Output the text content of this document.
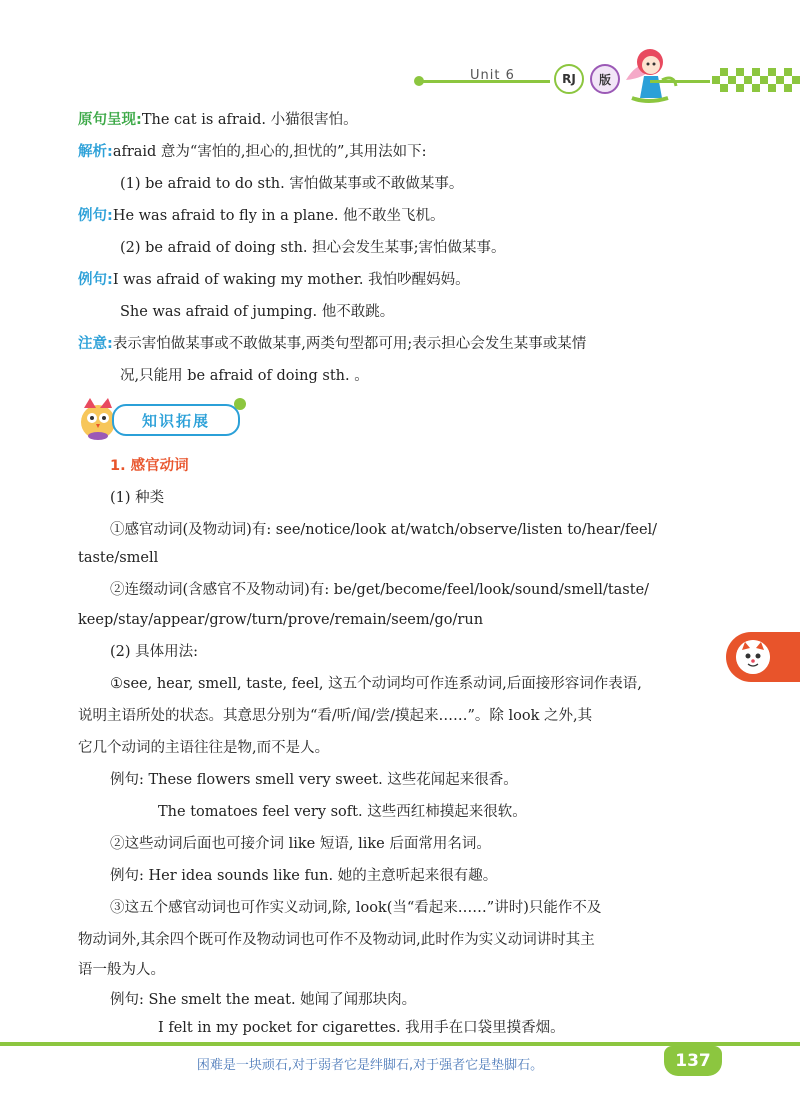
Unit 6	RJ	版
原句呈现:The cat is afraid. 小猫很害怕。
解析:afraid 意为“害怕的,担心的,担忧的”,其用法如下:
(1) be afraid to do sth. 害怕做某事或不敢做某事。
例句:He was afraid to fly in a plane. 他不敢坐飞机。
(2) be afraid of doing sth. 担心会发生某事;害怕做某事。
例句:I was afraid of waking my mother. 我怕吵醒妈妈。
She was afraid of jumping. 他不敢跳。
注意:表示害怕做某事或不敢做某事,两类句型都可用;表示担心会发生某事或某情
况,只能用 be afraid of doing sth. 。
知识拓展
1. 感官动词
(1) 种类
①感官动词(及物动词)有: see/notice/look at/watch/observe/listen to/hear/feel/
taste/smell
②连缀动词(含感官不及物动词)有: be/get/become/feel/look/sound/smell/taste/
keep/stay/appear/grow/turn/prove/remain/seem/go/run
(2) 具体用法:
①see, hear, smell, taste, feel, 这五个动词均可作连系动词,后面接形容词作表语,
说明主语所处的状态。其意思分别为“看/听/闻/尝/摸起来……”。除 look 之外,其
它几个动词的主语往往是物,而不是人。
例句: These flowers smell very sweet. 这些花闻起来很香。
The tomatoes feel very soft. 这些西红柿摸起来很软。
②这些动词后面也可接介词 like 短语, like 后面常用名词。
例句: Her idea sounds like fun. 她的主意听起来很有趣。
③这五个感官动词也可作实义动词,除, look(当“看起来……”讲时)只能作不及
物动词外,其余四个既可作及物动词也可作不及物动词,此时作为实义动词讲时其主
语一般为人。
例句: She smelt the meat. 她闻了闻那块肉。
I felt in my pocket for cigarettes. 我用手在口袋里摸香烟。
困难是一块顽石,对于弱者它是绊脚石,对于强者它是垫脚石。	137
